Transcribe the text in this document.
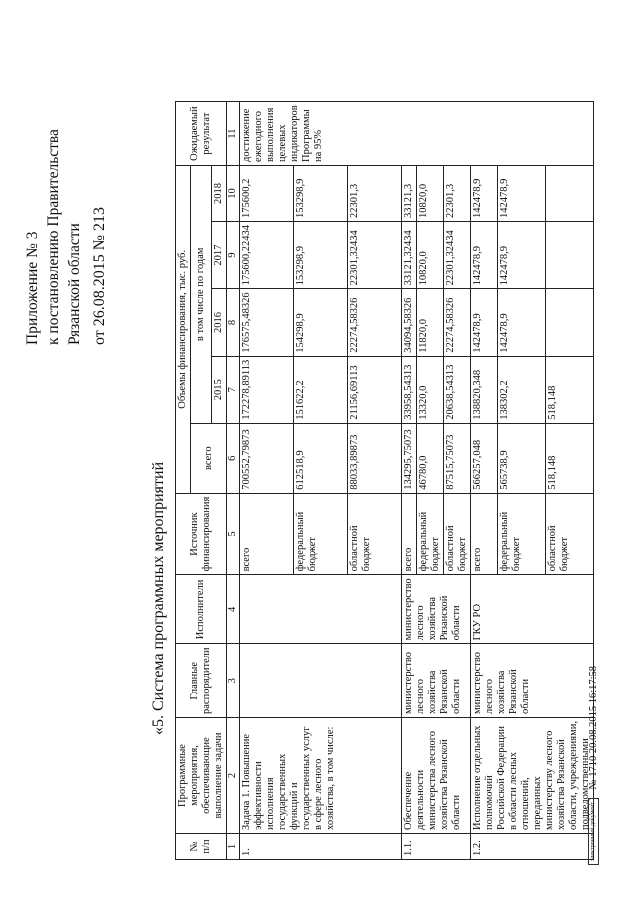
Приложение № 3 к постановлению Правительства Рязанской области от 26.08.2015 № 213
«5. Система программных мероприятий
№ п/п	Программные мероприятия, обеспечивающие выполнение задачи	Главные распорядители	Исполнители	Источник финансирования	Объемы финансирования, тыс. руб.					Ожидаемый результат
					всего	в том числе по годам				
						2015	2016	2017	2018	
1	2	3	4	5	6	7	8	9	10	11
1.	Задача 1. Повышение эффективности исполнения государственных функций и государственных услуг в сфере лесного хозяйства, в том числе:			всего	700552,79873	172278,89113	176575,48326	175600,22434	175600,2	достижение ежегодного выполнения целевых индикаторов Программы на 95%
				федеральный бюджет	612518,9	151622,2	154298,9	153298,9	153298,9	
				областной бюджет	88033,89873	21156,69113	22274,58326	22301,32434	22301,3	
1.1.	Обеспечение деятельности министерства лесного хозяйства Рязанской области	министерство лесного хозяйства Рязанской области	министерство лесного хозяйства Рязанской области	всего	134295,75073	33958,54313	34094,58326	33121,32434	33121,3	
				федеральный бюджет	46780,0	13320,0	11820,0	10820,0	10820,0	
				областной бюджет	87515,75073	20638,54313	22274,58326	22301,32434	22301,3	
1.2.	Исполнение отдельных полномочий Российской Федерации в области лесных отношений, переданных министерству лесного хозяйства Рязанской области, учреждениями, подведомственными	министерство лесного хозяйства Рязанской области	ГКУ РО	всего	566257,048	138820,348	142478,9	142478,9	142478,9	
				федеральный бюджет	565738,9	138302,2	142478,9	142478,9	142478,9	
				областной бюджет	518,148	518,148				
электронный документ № 1710 20.08.2015 16:17:58
